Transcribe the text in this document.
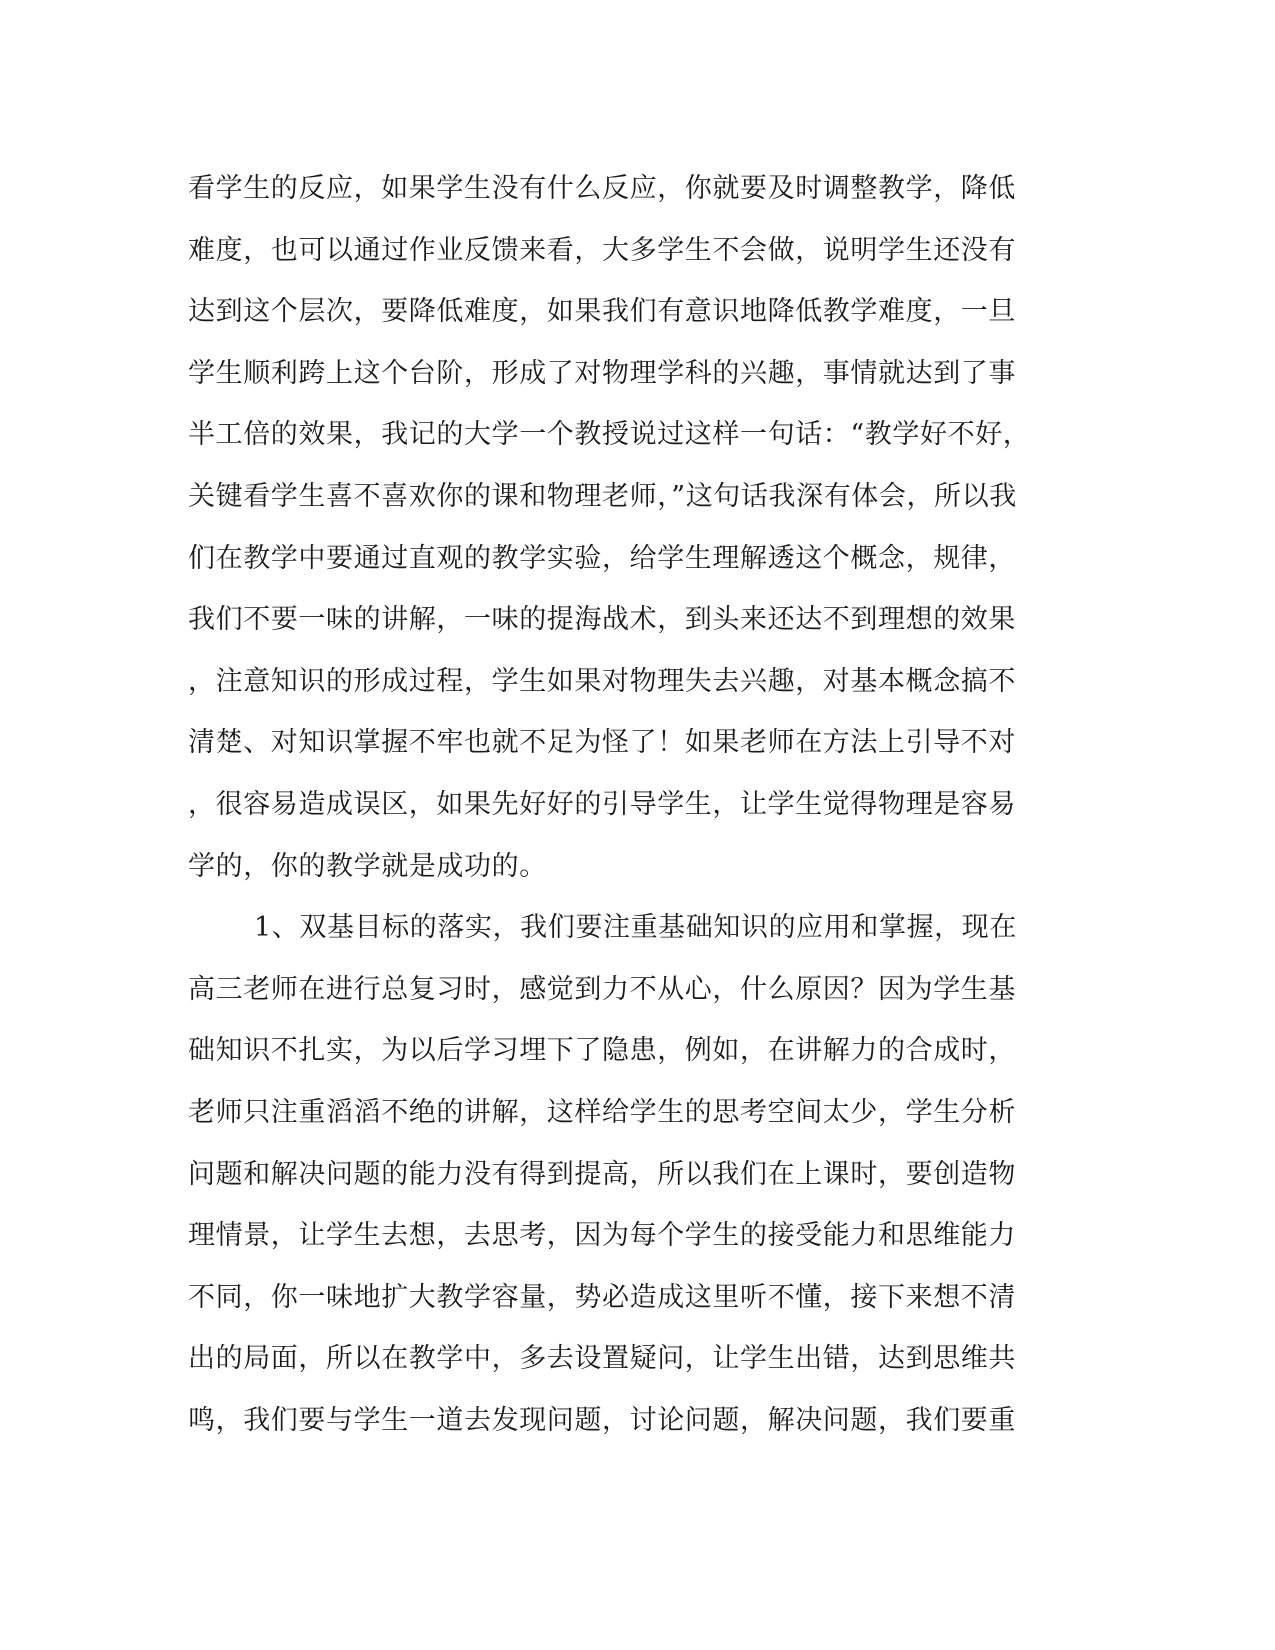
看学生的反应，如果学生没有什么反应，你就要及时调整教学，降低
难度，也可以通过作业反馈来看，大多学生不会做，说明学生还没有
达到这个层次，要降低难度，如果我们有意识地降低教学难度，一旦
学生顺利跨上这个台阶，形成了对物理学科的兴趣，事情就达到了事
半工倍的效果，我记的大学一个教授说过这样一句话：“教学好不好，
关键看学生喜不喜欢你的课和物理老师，”这句话我深有体会，所以我
们在教学中要通过直观的教学实验，给学生理解透这个概念，规律，
我们不要一味的讲解，一味的提海战术，到头来还达不到理想的效果
，注意知识的形成过程，学生如果对物理失去兴趣，对基本概念搞不
清楚、对知识掌握不牢也就不足为怪了！如果老师在方法上引导不对
，很容易造成误区，如果先好好的引导学生，让学生觉得物理是容易
学的，你的教学就是成功的。
1、双基目标的落实，我们要注重基础知识的应用和掌握，现在
高三老师在进行总复习时，感觉到力不从心，什么原因？因为学生基
础知识不扎实，为以后学习埋下了隐患，例如，在讲解力的合成时，
老师只注重滔滔不绝的讲解，这样给学生的思考空间太少，学生分析
问题和解决问题的能力没有得到提高，所以我们在上课时，要创造物
理情景，让学生去想，去思考，因为每个学生的接受能力和思维能力
不同，你一味地扩大教学容量，势必造成这里听不懂，接下来想不清
出的局面，所以在教学中，多去设置疑问，让学生出错，达到思维共
鸣，我们要与学生一道去发现问题，讨论问题，解决问题，我们要重
